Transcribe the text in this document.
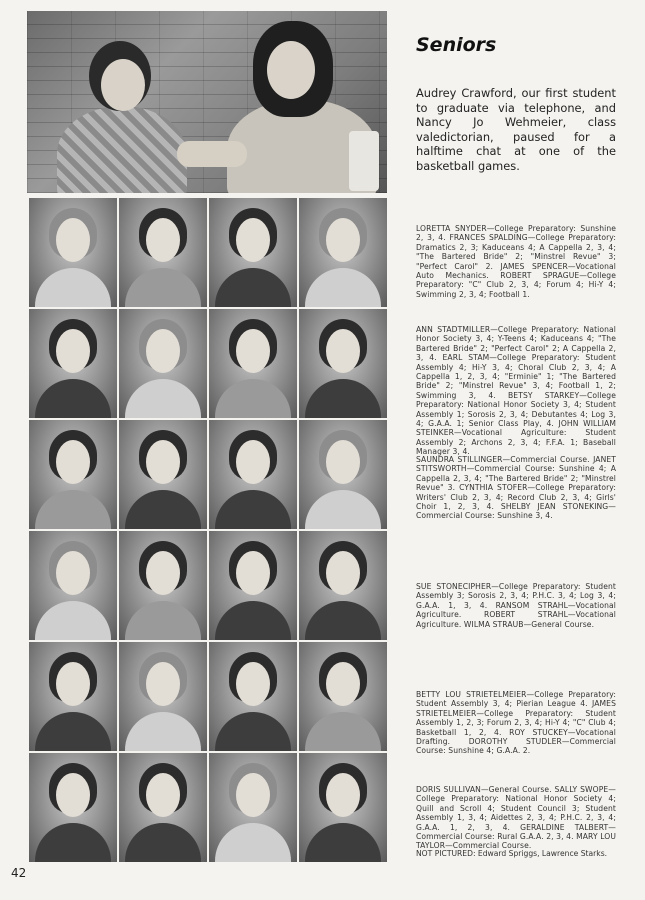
Seniors
Audrey Crawford, our first student to graduate via telephone, and Nancy Jo Wehmeier, class valedictorian, paused for a halftime chat at one of the basketball games.
LORETTA SNYDER—College Preparatory: Sunshine 2, 3, 4. FRANCES SPALDING—College Preparatory: Dramatics 2, 3; Kaduceans 4; A Cappella 2, 3, 4; "The Bartered Bride" 2; "Minstrel Revue" 3; "Perfect Carol" 2. JAMES SPENCER—Vocational Auto Mechanics. ROBERT SPRAGUE—College Preparatory: "C" Club 2, 3, 4; Forum 4; Hi-Y 4; Swimming 2, 3, 4; Football 1.
ANN STADTMILLER—College Preparatory: National Honor Society 3, 4; Y-Teens 4; Kaduceans 4; "The Bartered Bride" 2; "Perfect Carol" 2; A Cappella 2, 3, 4. EARL STAM—College Preparatory: Student Assembly 4; Hi-Y 3, 4; Choral Club 2, 3, 4; A Cappella 1, 2, 3, 4; "Erminie" 1; "The Bartered Bride" 2; "Minstrel Revue" 3, 4; Football 1, 2; Swimming 3, 4. BETSY STARKEY—College Preparatory: National Honor Society 3, 4; Student Assembly 1; Sorosis 2, 3, 4; Debutantes 4; Log 3, 4; G.A.A. 1; Senior Class Play, 4. JOHN WILLIAM STEINKER—Vocational Agriculture: Student Assembly 2; Archons 2, 3, 4; F.F.A. 1; Baseball Manager 3, 4.
SAUNDRA STILLINGER—Commercial Course. JANET STITSWORTH—Commercial Course: Sunshine 4; A Cappella 2, 3, 4; "The Bartered Bride" 2; "Minstrel Revue" 3. CYNTHIA STOFER—College Preparatory: Writers' Club 2, 3, 4; Record Club 2, 3, 4; Girls' Choir 1, 2, 3, 4. SHELBY JEAN STONEKING—Commercial Course: Sunshine 3, 4.
SUE STONECIPHER—College Preparatory: Student Assembly 3; Sorosis 2, 3, 4; P.H.C. 3, 4; Log 3, 4; G.A.A. 1, 3, 4. RANSOM STRAHL—Vocational Agriculture. ROBERT STRAHL—Vocational Agriculture. WILMA STRAUB—General Course.
BETTY LOU STRIETELMEIER—College Preparatory: Student Assembly 3, 4; Pierian League 4. JAMES STRIETELMEIER—College Preparatory: Student Assembly 1, 2, 3; Forum 2, 3, 4; Hi-Y 4; "C" Club 4; Basketball 1, 2, 4. ROY STUCKEY—Vocational Drafting. DOROTHY STUDLER—Commercial Course: Sunshine 4; G.A.A. 2.
DORIS SULLIVAN—General Course. SALLY SWOPE—College Preparatory: National Honor Society 4; Quill and Scroll 4; Student Council 3; Student Assembly 1, 3, 4; Aidettes 2, 3, 4; P.H.C. 2, 3, 4; G.A.A. 1, 2, 3, 4. GERALDINE TALBERT—Commercial Course: Rural G.A.A. 2, 3, 4. MARY LOU TAYLOR—Commercial Course.
NOT PICTURED: Edward Spriggs, Lawrence Starks.
42
